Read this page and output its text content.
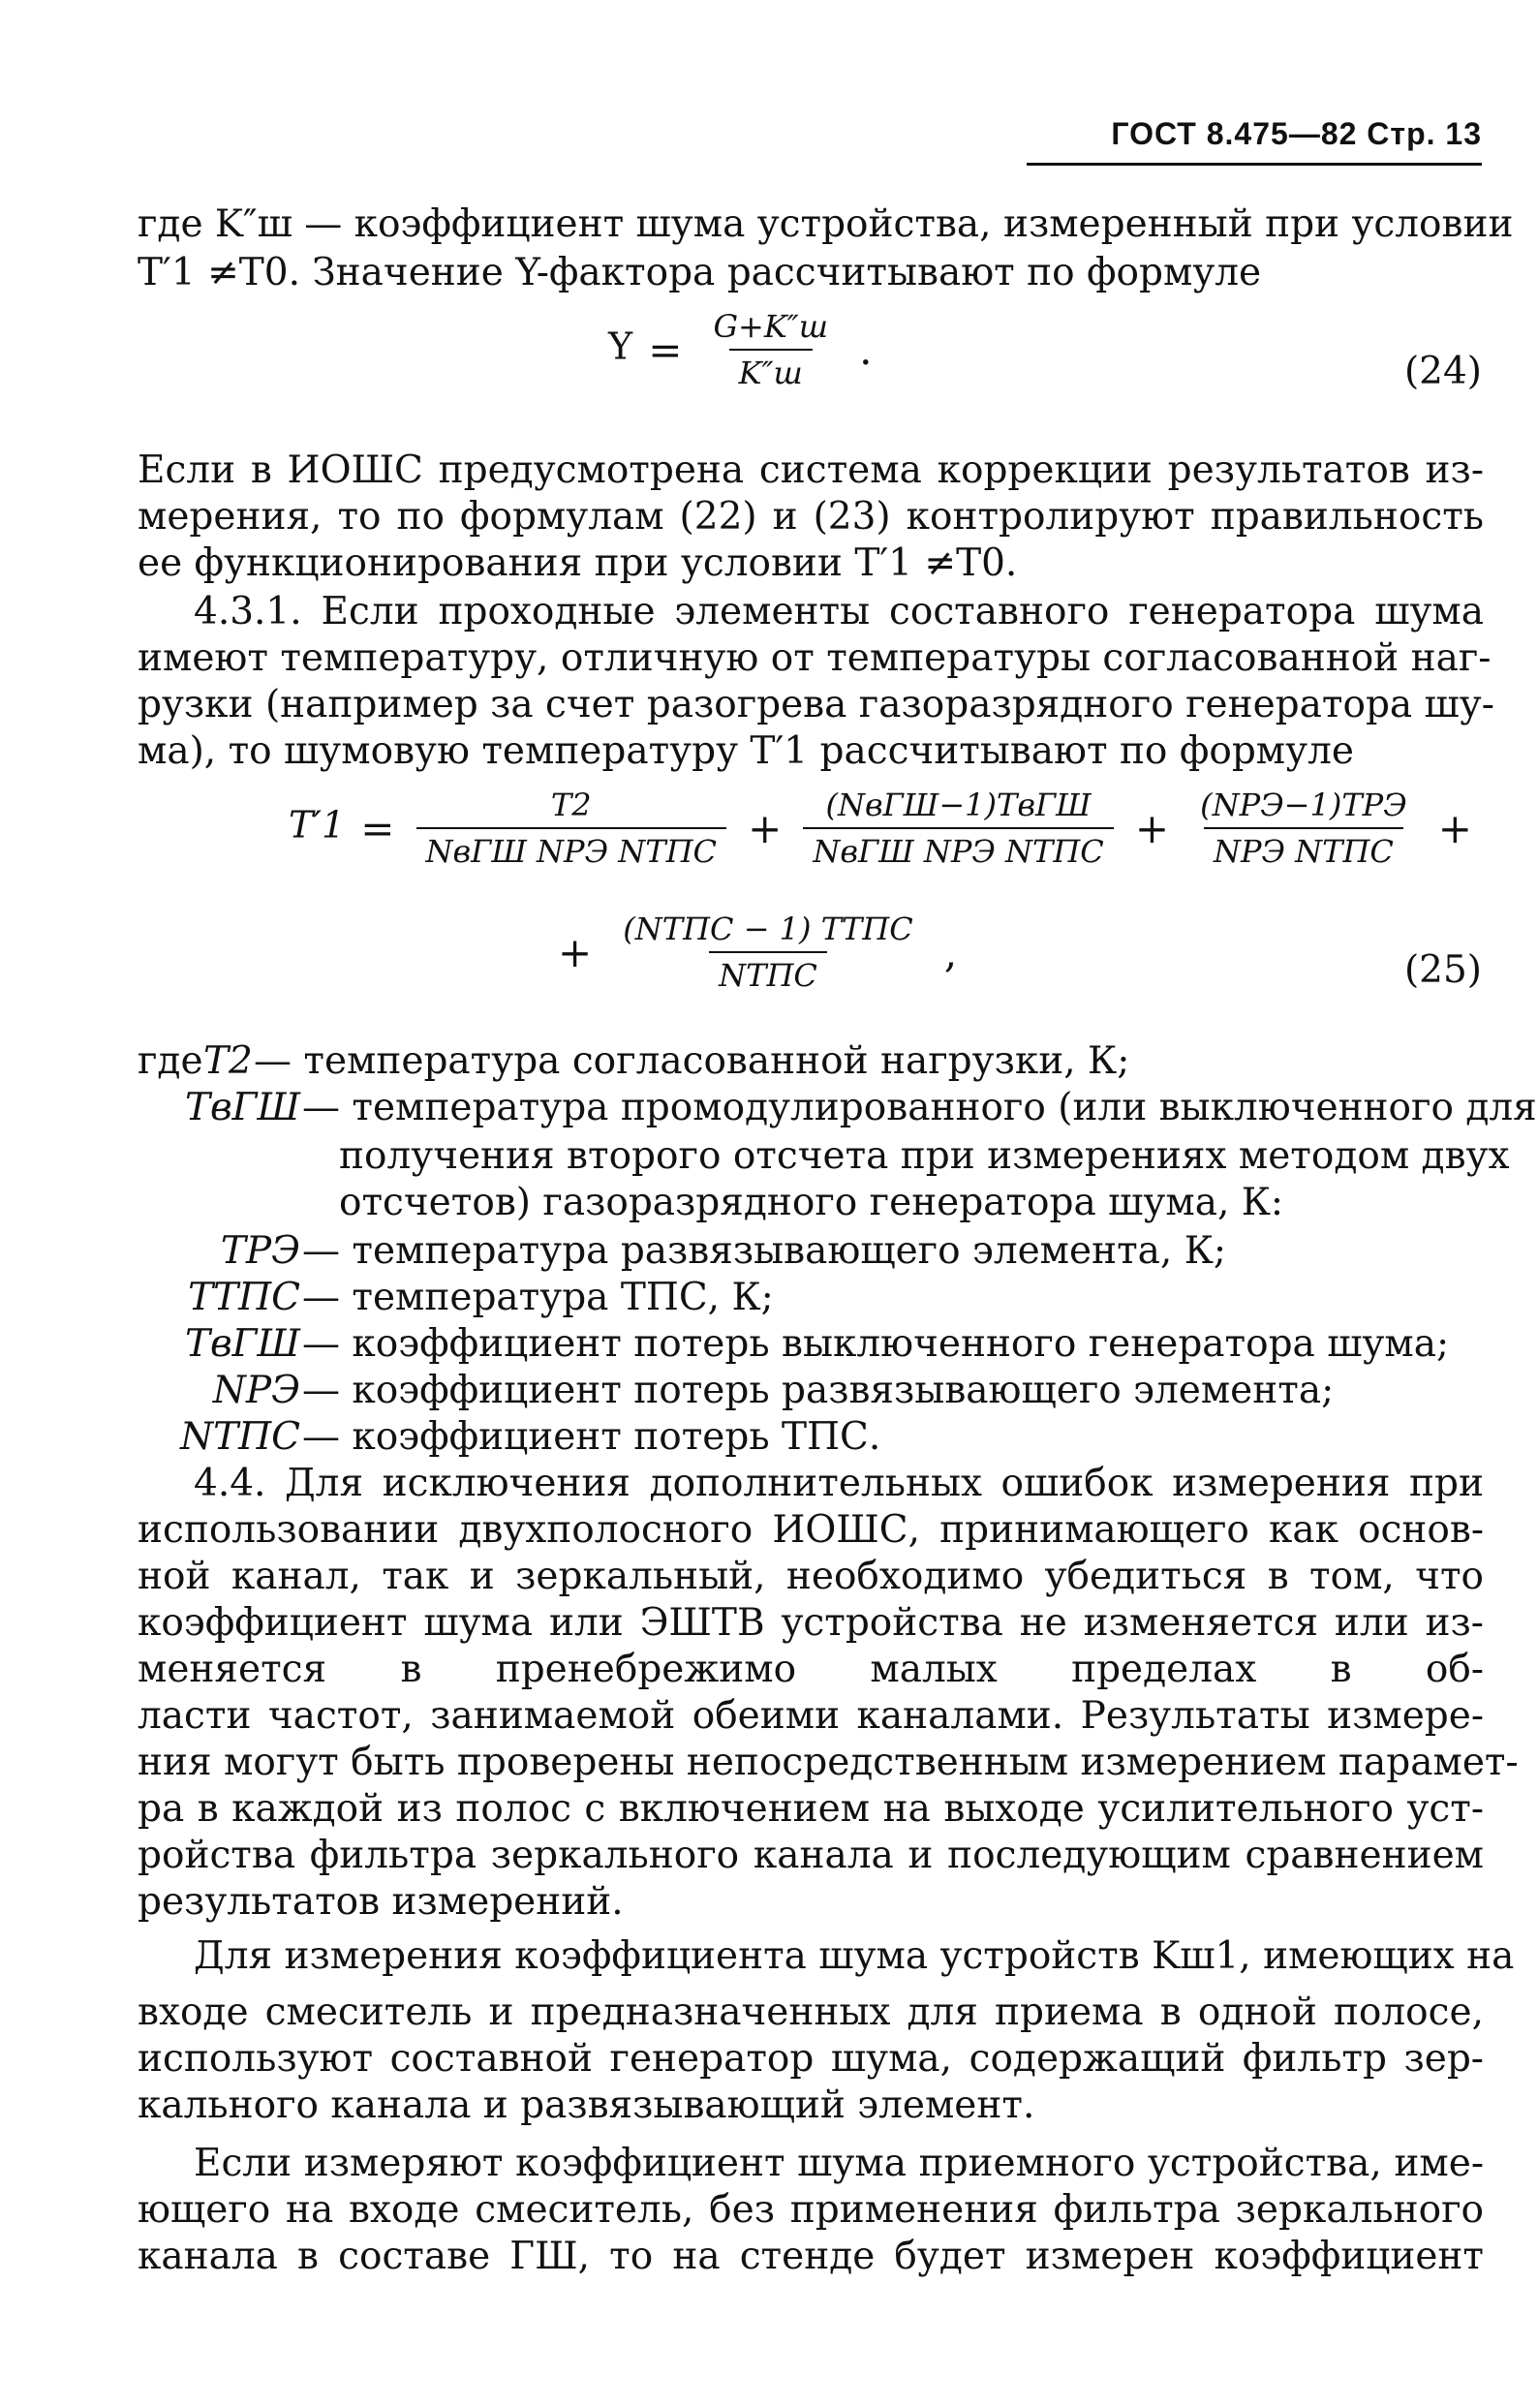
ГОСТ 8.475—82 Стр. 13
где K″ш — коэффициент шума устройства, измеренный при условии
T′1 ≠T0. Значение Y-фактора рассчитывают по формуле
$Y = \frac{G+K''ш}{K''ш}$ .	(24)
Если в ИОШС предусмотрена система коррекции результатов из-
мерения, то по формулам (22) и (23) контролируют правильность
ее функционирования при условии T′1 ≠T0.
4.3.1. Если проходные элементы составного генератора шума
имеют температуру, отличную от температуры согласованной наг-
рузки (например за счет разогрева газоразрядного генератора шу-
ма), то шумовую температуру T′1 рассчитывают по формуле
$T'1 = \frac{T2}{\text{NвГШ NРЭ NТПС}} + \frac{\text{(NвГШ−1)TвГШ}}{\text{NвГШ NРЭ NТПС}} + \frac{\text{(NРЭ−1)TРЭ}}{\text{NРЭ NТПС}}$ +
+ $\frac{\text{(NТПС − 1) TТПС}}{\text{NТПС}}$ ,	(25)
где T2 — температура согласованной нагрузки, К;
TвГШ — температура промодулированного (или выключенного для
получения второго отсчета при измерениях методом двух
отсчетов) газоразрядного генератора шума, К:
TРЭ — температура развязывающего элемента, К;
TТПС — температура ТПС, К;
TвГШ — коэффициент потерь выключенного генератора шума;
NРЭ — коэффициент потерь развязывающего элемента;
NТПС — коэффициент потерь ТПС.
4.4. Для исключения дополнительных ошибок измерения при
использовании двухполосного ИОШС, принимающего как основ-
ной канал, так и зеркальный, необходимо убедиться в том, что
коэффициент шума или ЭШТВ устройства не изменяется или из-
меняется в пренебрежимо малых пределах в об-
ласти частот, занимаемой обеими каналами. Результаты измере-
ния могут быть проверены непосредственным измерением парамет-
ра в каждой из полос с включением на выходе усилительного уст-
ройства фильтра зеркального канала и последующим сравнением
результатов измерений.
Для измерения коэффициента шума устройств Kш1, имеющих на
входе смеситель и предназначенных для приема в одной полосе,
используют составной генератор шума, содержащий фильтр зер-
кального канала и развязывающий элемент.
Если измеряют коэффициент шума приемного устройства, име-
ющего на входе смеситель, без применения фильтра зеркального
канала в составе ГШ, то на стенде будет измерен коэффициент
